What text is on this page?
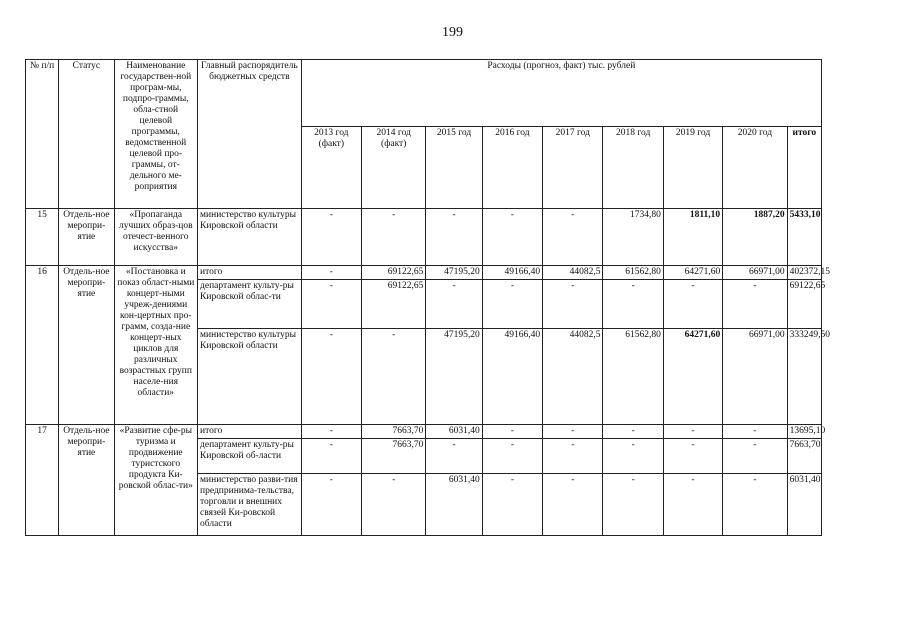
199
№ п/п	Статус	Наименование государствен-ной програм-мы, подпро-граммы, обла-стной целевой программы, ведомственной целевой про-граммы, от-дельного ме-роприятия	Главный распорядитель бюджетных средств	Расходы (прогноз, факт) тыс. рублей								
				2013 год (факт)	2014 год (факт)	2015 год	2016 год	2017 год	2018 год	2019 год	2020 год	итого
15	Отдель-ное меропри-ятие	«Пропаганда лучших образ-цов отечест-венного искусства»	министерство культуры Кировской области	-	-	-	-	-	1734,80	1811,10	1887,20	5433,10
16	Отдель-ное меропри-ятие	«Постановка и показ област-ными концерт-ными учреж-дениями кон-цертных про-грамм, созда-ние концерт-ных циклов для различных возрастных групп населе-ния области»	итого	-	69122,65	47195,20	49166,40	44082,5	61562,80	64271,60	66971,00	402372,15
			департамент культу-ры Кировской облас-ти	-	69122,65	-	-	-	-	-	-	69122,65
			министерство культуры Кировской области	-	-	47195,20	49166,40	44082,5	61562,80	64271,60	66971,00	333249,50
17	Отдель-ное меропри-ятие	«Развитие сфе-ры туризма и продвижение туристского продукта Ки-ровской облас-ти»	итого	-	7663,70	6031,40	-	-	-	-	-	13695,10
			департамент культу-ры Кировской об-ласти	-	7663,70	-	-	-	-	-	-	7663,70
			министерство разви-тия предпринима-тельства, торговли и внешних связей Ки-ровской области	-	-	6031,40	-	-	-	-	-	6031,40
